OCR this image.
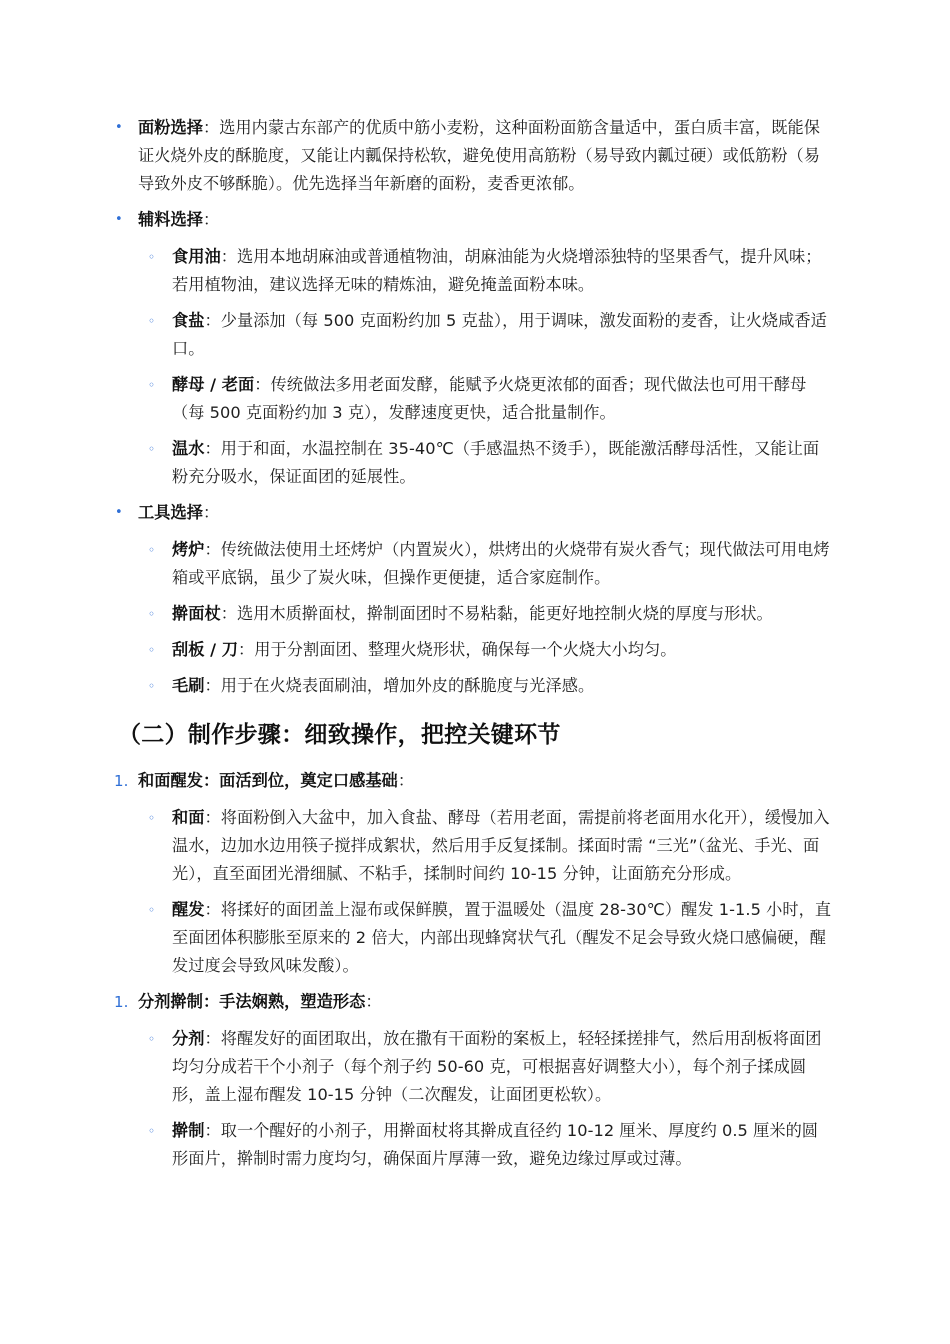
• 面粉选择：选用内蒙古东部产的优质中筋小麦粉，这种面粉面筋含量适中，蛋白质丰富，既能保证火烧外皮的酥脆度，又能让内瓤保持松软，避免使用高筋粉（易导致内瓤过硬）或低筋粉（易导致外皮不够酥脆）。优先选择当年新磨的面粉，麦香更浓郁。
• 辅料选择：
◦ 食用油：选用本地胡麻油或普通植物油，胡麻油能为火烧增添独特的坚果香气，提升风味；若用植物油，建议选择无味的精炼油，避免掩盖面粉本味。
◦ 食盐：少量添加（每 500 克面粉约加 5 克盐），用于调味，激发面粉的麦香，让火烧咸香适口。
◦ 酵母 / 老面：传统做法多用老面发酵，能赋予火烧更浓郁的面香；现代做法也可用干酵母（每 500 克面粉约加 3 克），发酵速度更快，适合批量制作。
◦ 温水：用于和面，水温控制在 35-40℃（手感温热不烫手），既能激活酵母活性，又能让面粉充分吸水，保证面团的延展性。
• 工具选择：
◦ 烤炉：传统做法使用土坯烤炉（内置炭火），烘烤出的火烧带有炭火香气；现代做法可用电烤箱或平底锅，虽少了炭火味，但操作更便捷，适合家庭制作。
◦ 擀面杖：选用木质擀面杖，擀制面团时不易粘黏，能更好地控制火烧的厚度与形状。
◦ 刮板 / 刀：用于分割面团、整理火烧形状，确保每一个火烧大小均匀。
◦ 毛刷：用于在火烧表面刷油，增加外皮的酥脆度与光泽感。
（二）制作步骤：细致操作，把控关键环节
1. 和面醒发：面活到位，奠定口感基础：
◦ 和面：将面粉倒入大盆中，加入食盐、酵母（若用老面，需提前将老面用水化开），缓慢加入温水，边加水边用筷子搅拌成絮状，然后用手反复揉制。揉面时需 “三光”（盆光、手光、面光），直至面团光滑细腻、不粘手，揉制时间约 10-15 分钟，让面筋充分形成。
◦ 醒发：将揉好的面团盖上湿布或保鲜膜，置于温暖处（温度 28-30℃）醒发 1-1.5 小时，直至面团体积膨胀至原来的 2 倍大，内部出现蜂窝状气孔（醒发不足会导致火烧口感偏硬，醒发过度会导致风味发酸）。
1. 分剂擀制：手法娴熟，塑造形态：
◦ 分剂：将醒发好的面团取出，放在撒有干面粉的案板上，轻轻揉搓排气，然后用刮板将面团均匀分成若干个小剂子（每个剂子约 50-60 克，可根据喜好调整大小），每个剂子揉成圆形，盖上湿布醒发 10-15 分钟（二次醒发，让面团更松软）。
◦ 擀制：取一个醒好的小剂子，用擀面杖将其擀成直径约 10-12 厘米、厚度约 0.5 厘米的圆形面片，擀制时需力度均匀，确保面片厚薄一致，避免边缘过厚或过薄。
